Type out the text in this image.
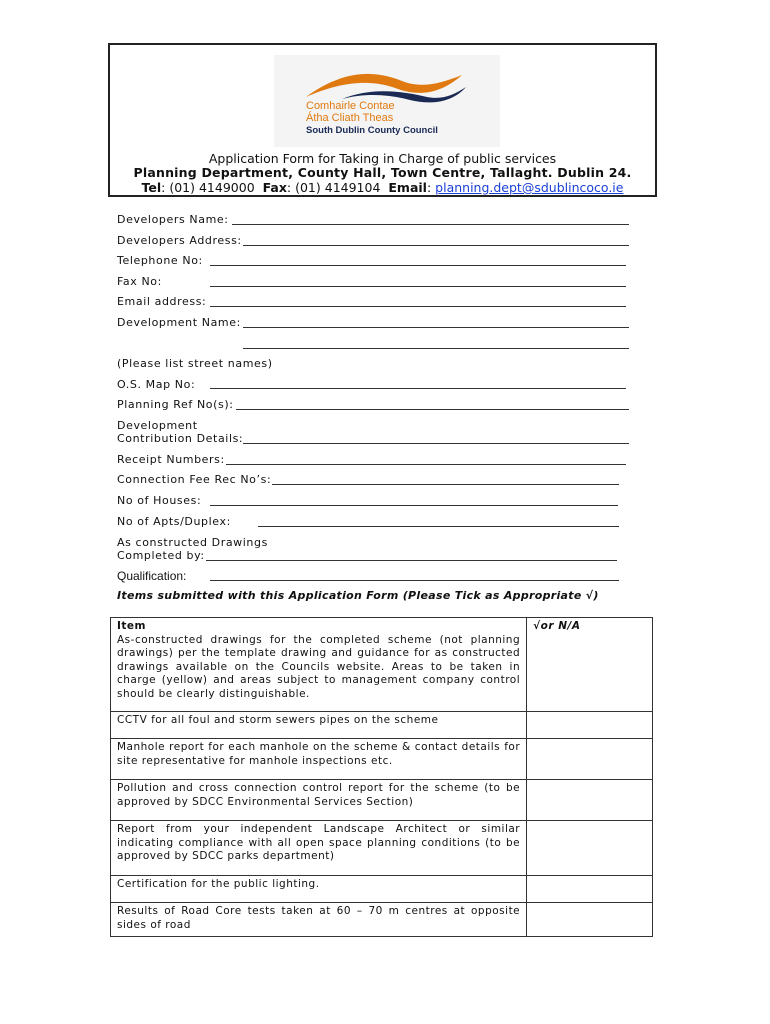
Comhairle Contae
Átha Cliath Theas
South Dublin County Council
Application Form for Taking in Charge of public services
Planning Department, County Hall, Town Centre, Tallaght. Dublin 24.
Tel: (01) 4149000 Fax: (01) 4149104 Email: planning.dept@sdublincoco.ie
Developers Name:
Developers Address:
Telephone No:
Fax No:
Email address:
Development Name:
(Please list street names)
O.S. Map No:
Planning Ref No(s):
Development
Contribution Details:
Receipt Numbers:
Connection Fee Rec No’s:
No of Houses:
No of Apts/Duplex:
As constructed Drawings
Completed by:
Qualification:
Items submitted with this Application Form (Please Tick as Appropriate √)
Item	√or N/A
As-constructed drawings for the completed scheme (not planning drawings) per the template drawing and guidance for as constructed drawings available on the Councils website. Areas to be taken in charge (yellow) and areas subject to management company control should be clearly distinguishable.	
CCTV for all foul and storm sewers pipes on the scheme	
Manhole report for each manhole on the scheme & contact details for site representative for manhole inspections etc.	
Pollution and cross connection control report for the scheme (to be approved by SDCC Environmental Services Section)	
Report from your independent Landscape Architect or similar indicating compliance with all open space planning conditions (to be approved by SDCC parks department)	
Certification for the public lighting.	
Results of Road Core tests taken at 60 – 70 m centres at opposite sides of road	
